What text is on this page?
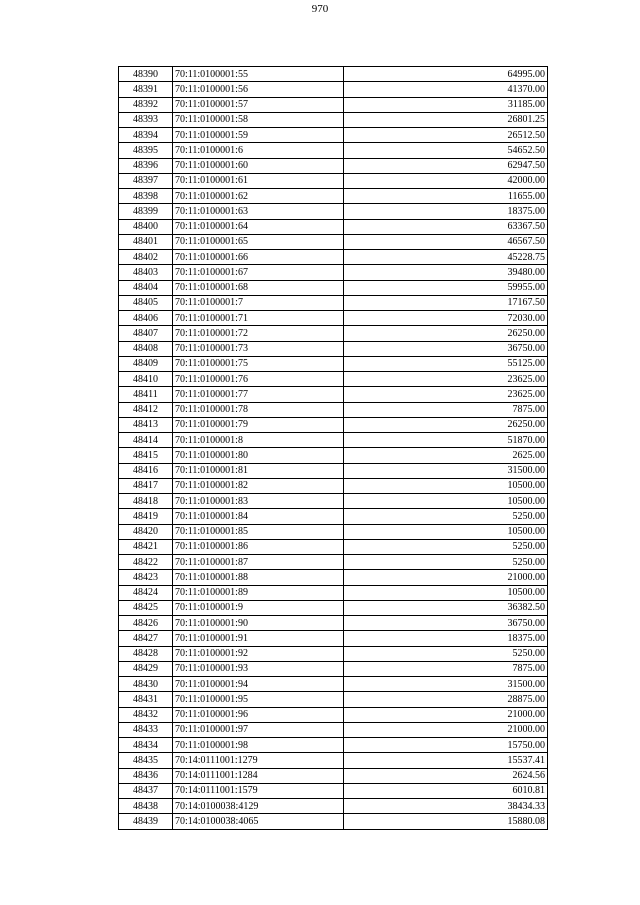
970
48390	70:11:0100001:55	64995.00
48391	70:11:0100001:56	41370.00
48392	70:11:0100001:57	31185.00
48393	70:11:0100001:58	26801.25
48394	70:11:0100001:59	26512.50
48395	70:11:0100001:6	54652.50
48396	70:11:0100001:60	62947.50
48397	70:11:0100001:61	42000.00
48398	70:11:0100001:62	11655.00
48399	70:11:0100001:63	18375.00
48400	70:11:0100001:64	63367.50
48401	70:11:0100001:65	46567.50
48402	70:11:0100001:66	45228.75
48403	70:11:0100001:67	39480.00
48404	70:11:0100001:68	59955.00
48405	70:11:0100001:7	17167.50
48406	70:11:0100001:71	72030.00
48407	70:11:0100001:72	26250.00
48408	70:11:0100001:73	36750.00
48409	70:11:0100001:75	55125.00
48410	70:11:0100001:76	23625.00
48411	70:11:0100001:77	23625.00
48412	70:11:0100001:78	7875.00
48413	70:11:0100001:79	26250.00
48414	70:11:0100001:8	51870.00
48415	70:11:0100001:80	2625.00
48416	70:11:0100001:81	31500.00
48417	70:11:0100001:82	10500.00
48418	70:11:0100001:83	10500.00
48419	70:11:0100001:84	5250.00
48420	70:11:0100001:85	10500.00
48421	70:11:0100001:86	5250.00
48422	70:11:0100001:87	5250.00
48423	70:11:0100001:88	21000.00
48424	70:11:0100001:89	10500.00
48425	70:11:0100001:9	36382.50
48426	70:11:0100001:90	36750.00
48427	70:11:0100001:91	18375.00
48428	70:11:0100001:92	5250.00
48429	70:11:0100001:93	7875.00
48430	70:11:0100001:94	31500.00
48431	70:11:0100001:95	28875.00
48432	70:11:0100001:96	21000.00
48433	70:11:0100001:97	21000.00
48434	70:11:0100001:98	15750.00
48435	70:14:0111001:1279	15537.41
48436	70:14:0111001:1284	2624.56
48437	70:14:0111001:1579	6010.81
48438	70:14:0100038:4129	38434.33
48439	70:14:0100038:4065	15880.08
